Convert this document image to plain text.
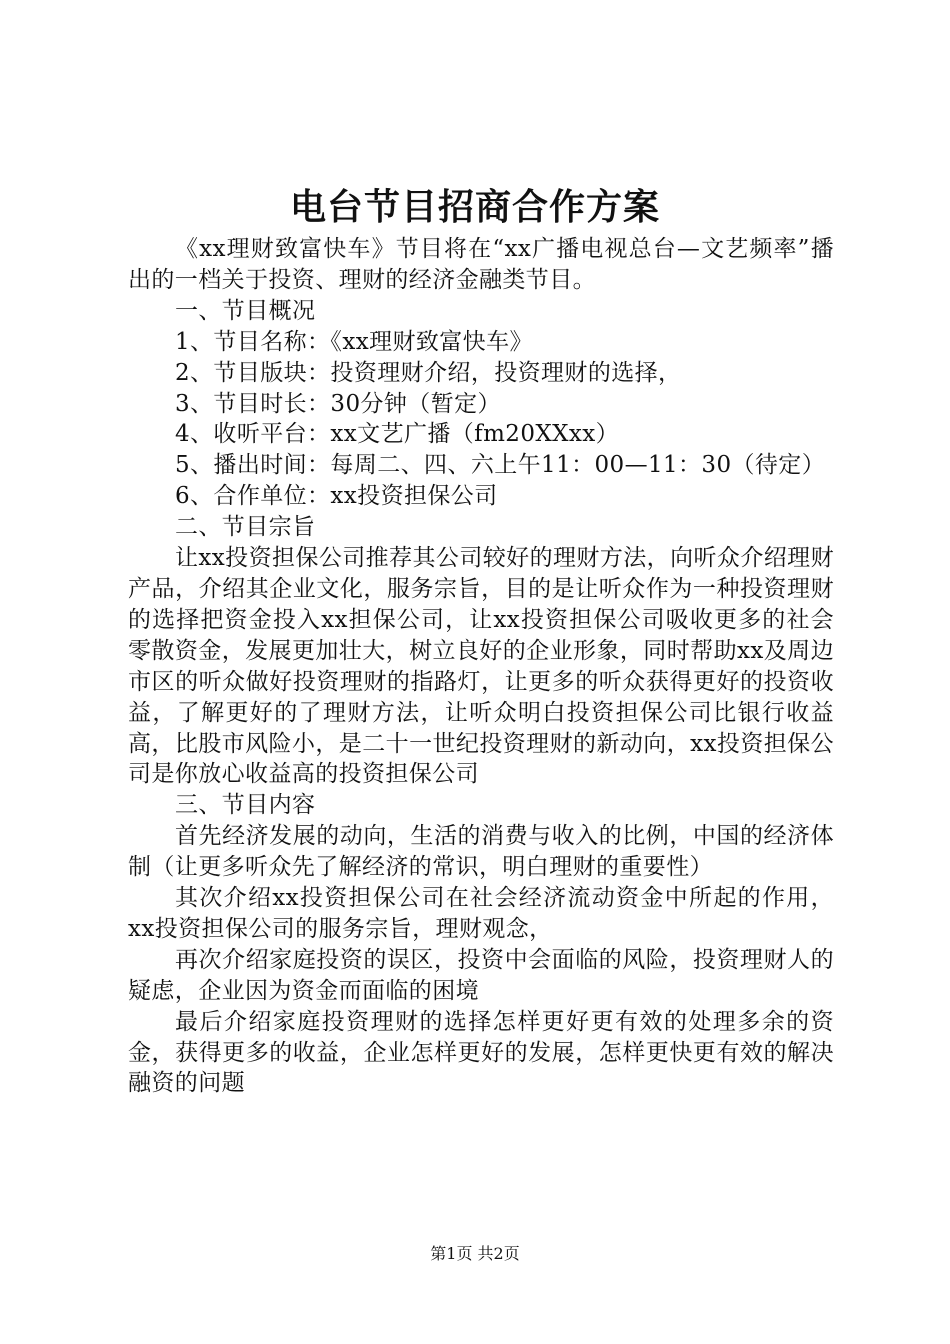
电台节目招商合作方案

《xx理财致富快车》节目将在“xx广播电视总台—文艺频率”播出的一档关于投资、理财的经济金融类节目。

一、节目概况

1、节目名称：《xx理财致富快车》

2、节目版块：投资理财介绍，投资理财的选择，

3、节目时长：30分钟（暂定）

4、收听平台：xx文艺广播（fm20XXxx）

5、播出时间：每周二、四、六上午11：00—11：30（待定）

6、合作单位：xx投资担保公司

二、节目宗旨

让xx投资担保公司推荐其公司较好的理财方法，向听众介绍理财产品，介绍其企业文化，服务宗旨，目的是让听众作为一种投资理财的选择把资金投入xx担保公司，让xx投资担保公司吸收更多的社会零散资金，发展更加壮大，树立良好的企业形象，同时帮助xx及周边市区的听众做好投资理财的指路灯，让更多的听众获得更好的投资收益，了解更好的了理财方法，让听众明白投资担保公司比银行收益高，比股市风险小，是二十一世纪投资理财的新动向，xx投资担保公司是你放心收益高的投资担保公司

三、节目内容

首先经济发展的动向，生活的消费与收入的比例，中国的经济体制（让更多听众先了解经济的常识，明白理财的重要性）

其次介绍xx投资担保公司在社会经济流动资金中所起的作用，xx投资担保公司的服务宗旨，理财观念，

再次介绍家庭投资的误区，投资中会面临的风险，投资理财人的疑虑，企业因为资金而面临的困境

最后介绍家庭投资理财的选择怎样更好更有效的处理多余的资金，获得更多的收益，企业怎样更好的发展，怎样更快更有效的解决融资的问题

第1页 共2页
